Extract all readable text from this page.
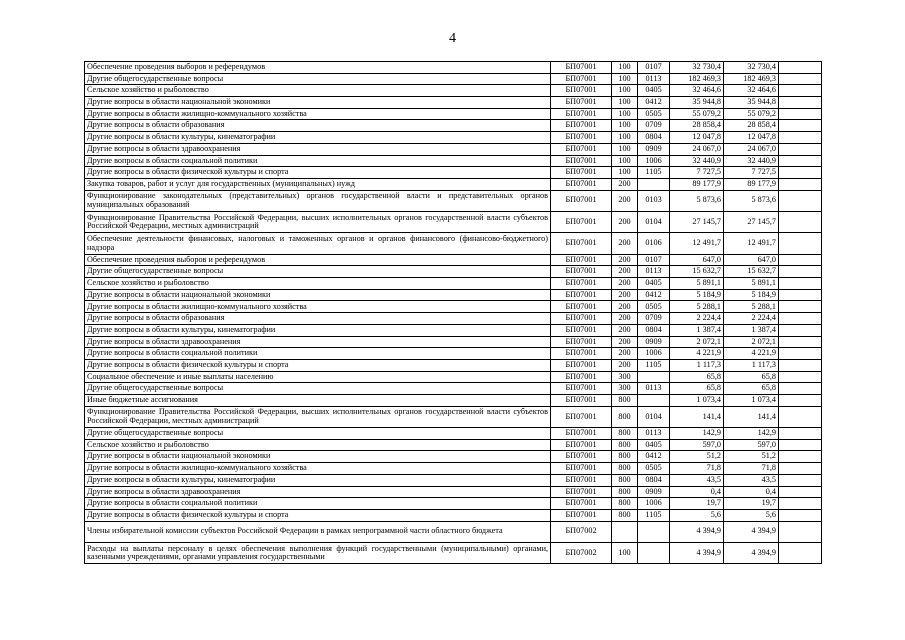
4
Обеспечение проведения выборов и референдумов	БП07001	100	0107	32 730,4	32 730,4	
Другие общегосударственные вопросы	БП07001	100	0113	182 469,3	182 469,3	
Сельское хозяйство и рыболовство	БП07001	100	0405	32 464,6	32 464,6	
Другие вопросы в области национальной экономики	БП07001	100	0412	35 944,8	35 944,8	
Другие вопросы в области жилищно-коммунального хозяйства	БП07001	100	0505	55 079,2	55 079,2	
Другие вопросы в области образования	БП07001	100	0709	28 858,4	28 858,4	
Другие вопросы в области культуры, кинематографии	БП07001	100	0804	12 047,8	12 047,8	
Другие вопросы в области здравоохранения	БП07001	100	0909	24 067,0	24 067,0	
Другие вопросы в области социальной политики	БП07001	100	1006	32 440,9	32 440,9	
Другие вопросы в области физической культуры и спорта	БП07001	100	1105	7 727,5	7 727,5	
Закупка товаров, работ и услуг для государственных (муниципальных) нужд	БП07001	200		89 177,9	89 177,9	
Функционирование законодательных (представительных) органов государственной власти и представительных органов муниципальных образований	БП07001	200	0103	5 873,6	5 873,6	
Функционирование Правительства Российской Федерации, высших исполнительных органов государственной власти субъектов Российской Федерации, местных администраций	БП07001	200	0104	27 145,7	27 145,7	
Обеспечение деятельности финансовых, налоговых и таможенных органов и органов финансового (финансово-бюджетного) надзора	БП07001	200	0106	12 491,7	12 491,7	
Обеспечение проведения выборов и референдумов	БП07001	200	0107	647,0	647,0	
Другие общегосударственные вопросы	БП07001	200	0113	15 632,7	15 632,7	
Сельское хозяйство и рыболовство	БП07001	200	0405	5 891,1	5 891,1	
Другие вопросы в области национальной экономики	БП07001	200	0412	5 184,9	5 184,9	
Другие вопросы в области жилищно-коммунального хозяйства	БП07001	200	0505	5 288,1	5 288,1	
Другие вопросы в области образования	БП07001	200	0709	2 224,4	2 224,4	
Другие вопросы в области культуры, кинематографии	БП07001	200	0804	1 387,4	1 387,4	
Другие вопросы в области здравоохранения	БП07001	200	0909	2 072,1	2 072,1	
Другие вопросы в области социальной политики	БП07001	200	1006	4 221,9	4 221,9	
Другие вопросы в области физической культуры и спорта	БП07001	200	1105	1 117,3	1 117,3	
Социальное обеспечение и иные выплаты населению	БП07001	300		65,8	65,8	
Другие общегосударственные вопросы	БП07001	300	0113	65,8	65,8	
Иные бюджетные ассигнования	БП07001	800		1 073,4	1 073,4	
Функционирование Правительства Российской Федерации, высших исполнительных органов государственной власти субъектов Российской Федерации, местных администраций	БП07001	800	0104	141,4	141,4	
Другие общегосударственные вопросы	БП07001	800	0113	142,9	142,9	
Сельское хозяйство и рыболовство	БП07001	800	0405	597,0	597,0	
Другие вопросы в области национальной экономики	БП07001	800	0412	51,2	51,2	
Другие вопросы в области жилищно-коммунального хозяйства	БП07001	800	0505	71,8	71,8	
Другие вопросы в области культуры, кинематографии	БП07001	800	0804	43,5	43,5	
Другие вопросы в области здравоохранения	БП07001	800	0909	0,4	0,4	
Другие вопросы в области социальной политики	БП07001	800	1006	19,7	19,7	
Другие вопросы в области физической культуры и спорта	БП07001	800	1105	5,6	5,6	
Члены избирательной комиссии субъектов Российской Федерации в рамках непрограммной части областного бюджета	БП07002			4 394,9	4 394,9	
Расходы на выплаты персоналу в целях обеспечения выполнения функций государственными (муниципальными) органами, казенными учреждениями, органами управления государственными	БП07002	100		4 394,9	4 394,9	
